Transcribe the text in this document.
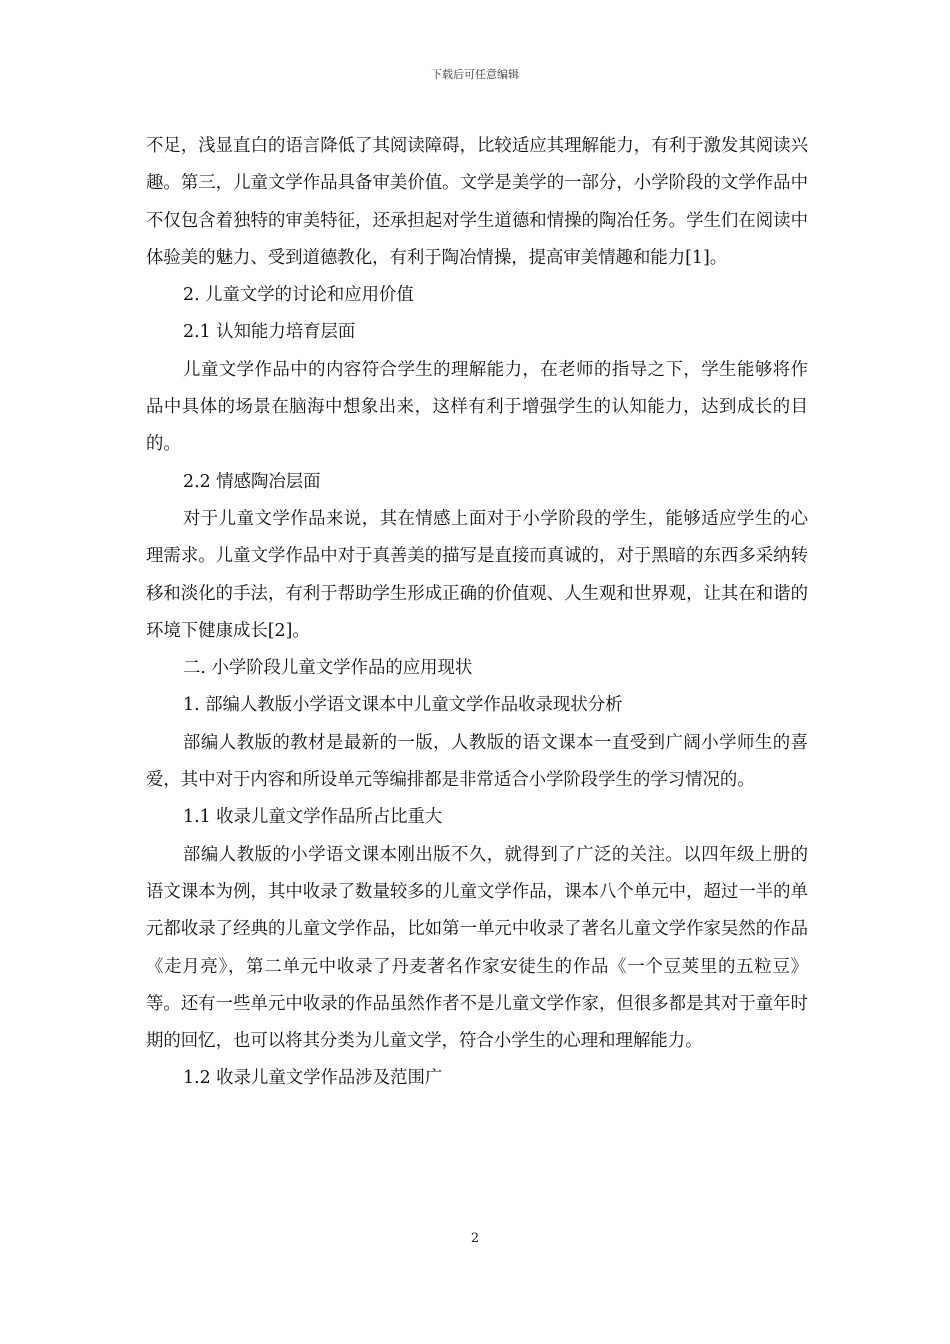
下载后可任意编辑

不足，浅显直白的语言降低了其阅读障碍，比较适应其理解能力，有利于激发其阅读兴趣。第三，儿童文学作品具备审美价值。文学是美学的一部分，小学阶段的文学作品中不仅包含着独特的审美特征，还承担起对学生道德和情操的陶冶任务。学生们在阅读中体验美的魅力、受到道德教化，有利于陶冶情操，提高审美情趣和能力[1]。

2. 儿童文学的讨论和应用价值

2.1 认知能力培育层面

儿童文学作品中的内容符合学生的理解能力，在老师的指导之下，学生能够将作品中具体的场景在脑海中想象出来，这样有利于增强学生的认知能力，达到成长的目的。

2.2 情感陶冶层面

对于儿童文学作品来说，其在情感上面对于小学阶段的学生，能够适应学生的心理需求。儿童文学作品中对于真善美的描写是直接而真诚的，对于黑暗的东西多采纳转移和淡化的手法，有利于帮助学生形成正确的价值观、人生观和世界观，让其在和谐的环境下健康成长[2]。

二. 小学阶段儿童文学作品的应用现状

1. 部编人教版小学语文课本中儿童文学作品收录现状分析

部编人教版的教材是最新的一版，人教版的语文课本一直受到广阔小学师生的喜爱，其中对于内容和所设单元等编排都是非常适合小学阶段学生的学习情况的。

1.1 收录儿童文学作品所占比重大

部编人教版的小学语文课本刚出版不久，就得到了广泛的关注。以四年级上册的语文课本为例，其中收录了数量较多的儿童文学作品，课本八个单元中，超过一半的单元都收录了经典的儿童文学作品，比如第一单元中收录了著名儿童文学作家吴然的作品《走月亮》，第二单元中收录了丹麦著名作家安徒生的作品《一个豆荚里的五粒豆》等。还有一些单元中收录的作品虽然作者不是儿童文学作家，但很多都是其对于童年时期的回忆，也可以将其分类为儿童文学，符合小学生的心理和理解能力。

1.2 收录儿童文学作品涉及范围广

2
